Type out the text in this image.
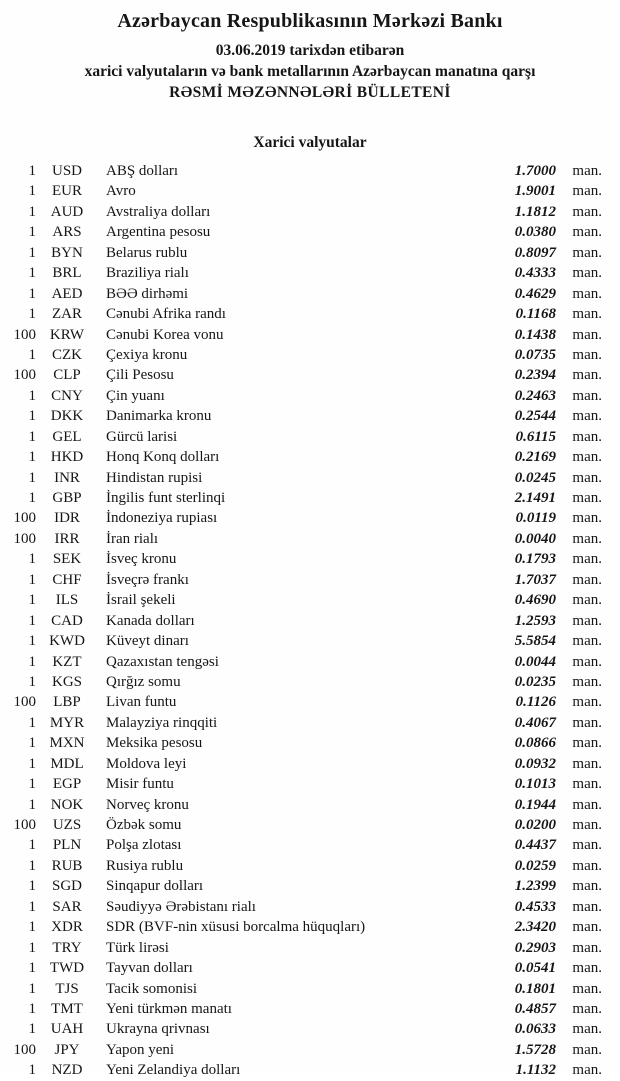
Azərbaycan Respublikasının Mərkəzi Bankı
03.06.2019 tarixdən etibarən
xarici valyutaların və bank metallarının Azərbaycan manatına qarşı
RƏSMİ MƏZƏNNƏLƏRİ BÜLLETENİ
Xarici valyutalar
1	USD	ABŞ dolları	1.7000	man.
1	EUR	Avro	1.9001	man.
1 AUD	Avstraliya dolları	1.1812	man.
1	ARS	Argentina pesosu	0.0380	man.
1	BYN	Belarus rublu	0.8097	man.
1	BRL	Braziliya rialı	0.4333	man.
1	AED	BƏƏ dirhəmi	0.4629	man.
1	ZAR	Cənubi Afrika randı	0.1168	man.
100 KRW	Cənubi Korea vonu	0.1438	man.
1	CZK	Çexiya kronu	0.0735	man.
100	CLP	Çili Pesosu	0.2394	man.
1	CNY	Çin yuanı	0.2463	man.
1 DKK	Danimarka kronu	0.2544	man.
1	GEL	Gürcü larisi	0.6115	man.
1 HKD	Honq Konq dolları	0.2169	man.
1	INR	Hindistan rupisi	0.0245	man.
1	GBP	İngilis funt sterlinqi	2.1491	man.
100	IDR	İndoneziya rupiası	0.0119	man.
100	IRR	İran rialı	0.0040	man.
1	SEK	İsveç kronu	0.1793	man.
1	CHF	İsveçrə frankı	1.7037	man.
1	ILS	İsrail şekeli	0.4690	man.
1	CAD	Kanada dolları	1.2593	man.
1 KWD	Küveyt dinarı	5.5854	man.
1	KZT	Qazaxıstan tengəsi	0.0044	man.
1	KGS	Qırğız somu	0.0235	man.
100	LBP	Livan funtu	0.1126	man.
1 MYR	Malayziya rinqqiti	0.4067	man.
1 MXN	Meksika pesosu	0.0866	man.
1 MDL	Moldova leyi	0.0932	man.
1	EGP	Misir funtu	0.1013	man.
1 NOK	Norveç kronu	0.1944	man.
100	UZS	Özbək somu	0.0200	man.
1	PLN	Polşa zlotası	0.4437	man.
1	RUB	Rusiya rublu	0.0259	man.
1	SGD	Sinqapur dolları	1.2399	man.
1	SAR	Səudiyyə Ərəbistanı rialı	0.4533	man.
1	XDR	SDR (BVF-nin xüsusi borcalma hüquqları)	2.3420	man.
1	TRY	Türk lirəsi	0.2903	man.
1 TWD	Tayvan dolları	0.0541	man.
1	TJS	Tacik somonisi	0.1801	man.
1	TMT	Yeni türkmən manatı	0.4857	man.
1 UAH	Ukrayna qrivnası	0.0633	man.
100	JPY	Yapon yeni	1.5728	man.
1	NZD	Yeni Zelandiya dolları	1.1132	man.
